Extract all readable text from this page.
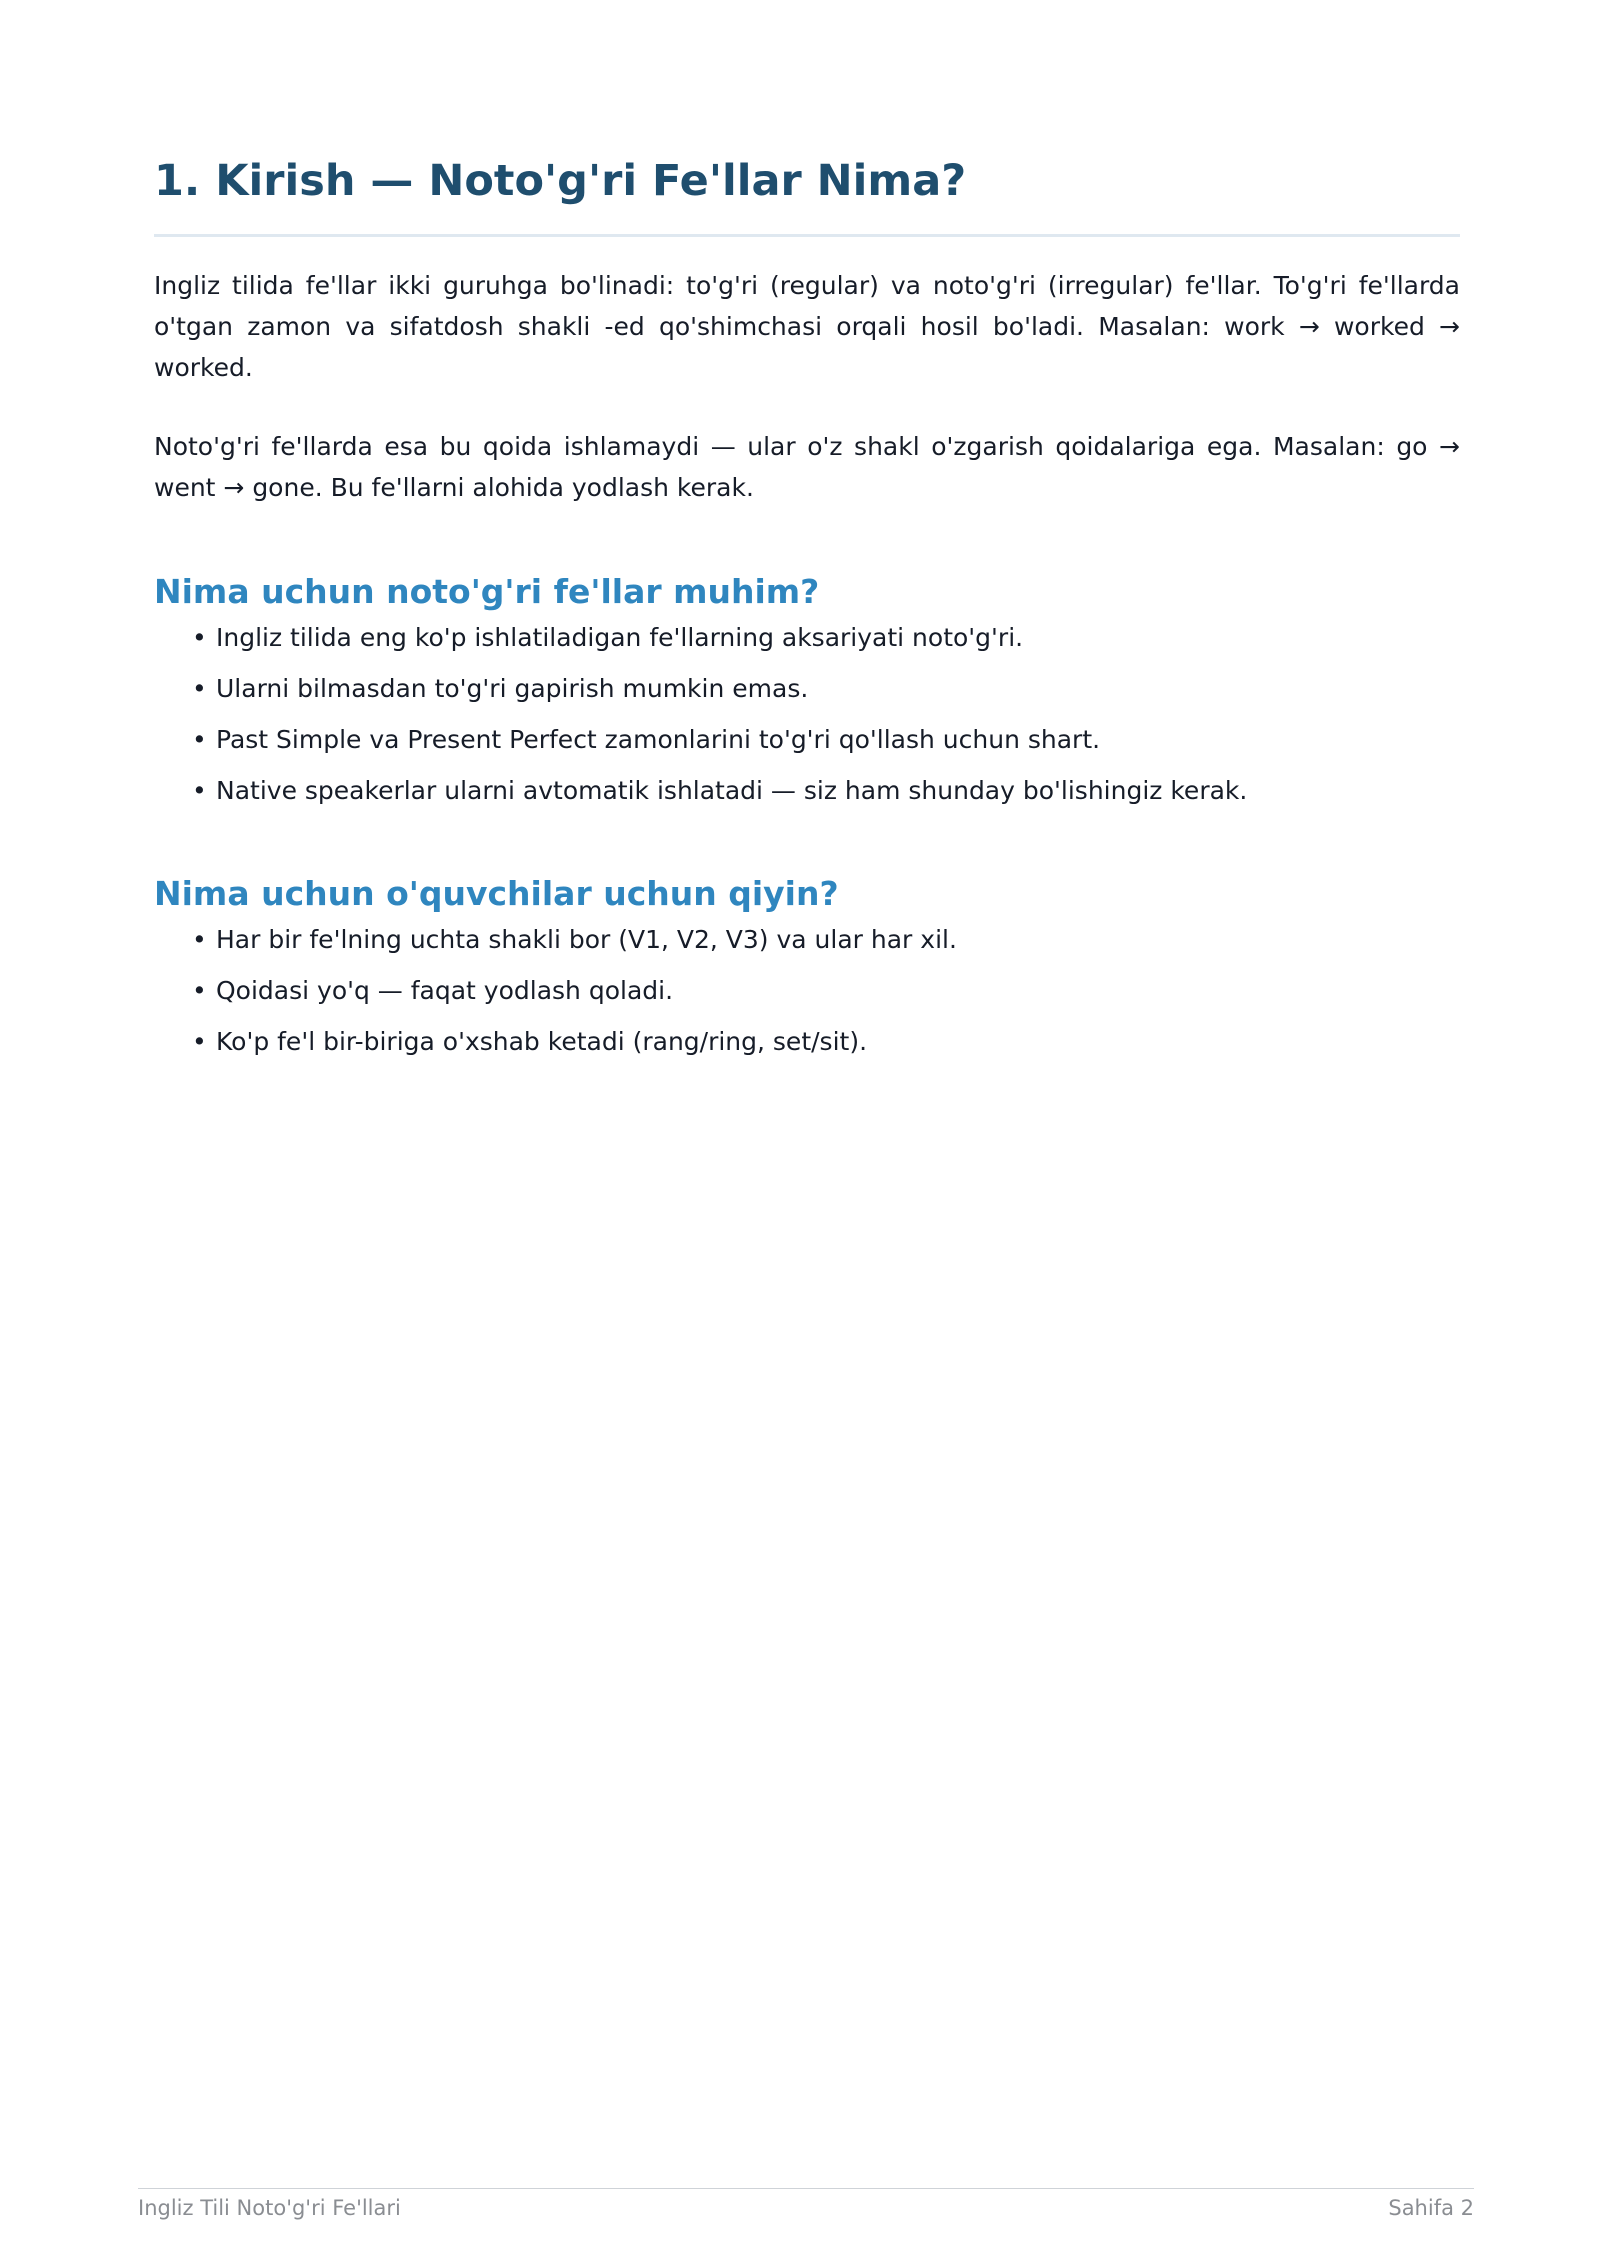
1. Kirish — Noto'g'ri Fe'llar Nima?

Ingliz tilida fe'llar ikki guruhga bo'linadi: to'g'ri (regular) va noto'g'ri (irregular) fe'llar. To'g'ri fe'llarda o'tgan zamon va sifatdosh shakli -ed qo'shimchasi orqali hosil bo'ladi. Masalan: work → worked → worked.

Noto'g'ri fe'llarda esa bu qoida ishlamaydi — ular o'z shakl o'zgarish qoidalariga ega. Masalan: go → went → gone. Bu fe'llarni alohida yodlash kerak.

Nima uchun noto'g'ri fe'llar muhim?
• Ingliz tilida eng ko'p ishlatiladigan fe'llarning aksariyati noto'g'ri.
• Ularni bilmasdan to'g'ri gapirish mumkin emas.
• Past Simple va Present Perfect zamonlarini to'g'ri qo'llash uchun shart.
• Native speakerlar ularni avtomatik ishlatadi — siz ham shunday bo'lishingiz kerak.
Nima uchun o'quvchilar uchun qiyin?
• Har bir fe'lning uchta shakli bor (V1, V2, V3) va ular har xil.
• Qoidasi yo'q — faqat yodlash qoladi.
• Ko'p fe'l bir-biriga o'xshab ketadi (rang/ring, set/sit).
Ingliz Tili Noto'g'ri Fe'llari	Sahifa 2
